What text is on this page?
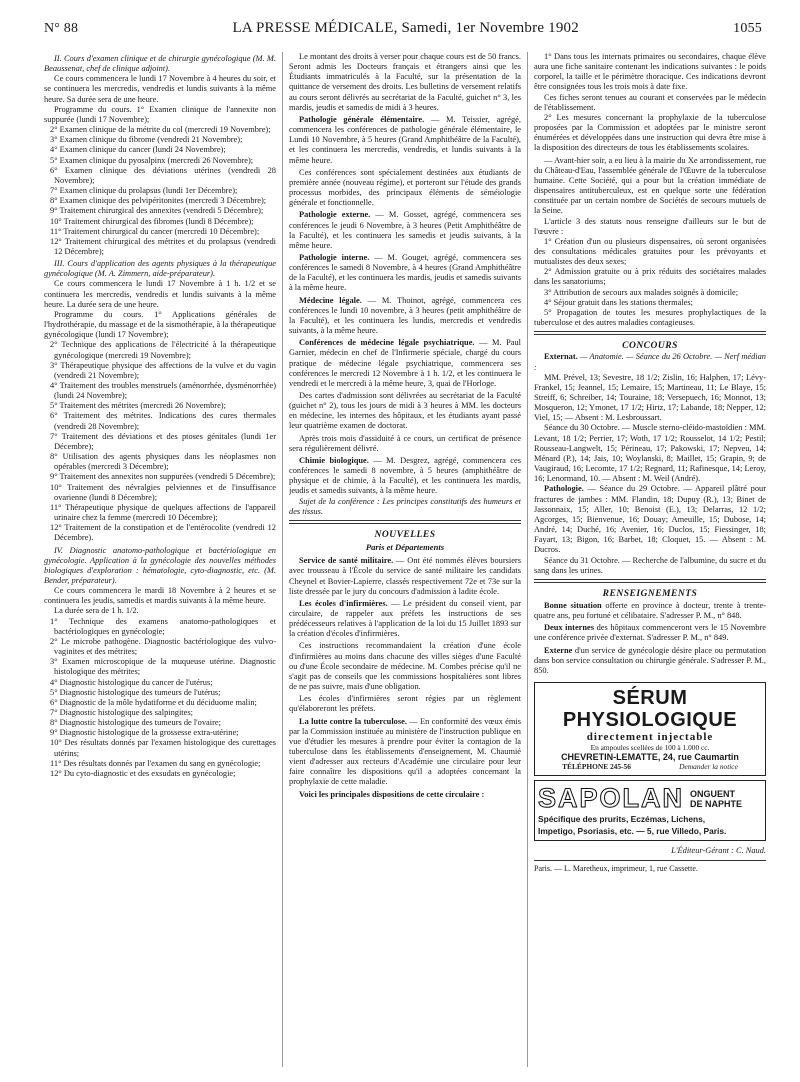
N° 88	LA PRESSE MÉDICALE, Samedi, 1er Novembre 1902	1055

II. Cours d'examen clinique et de chirurgie gynécologique (M. M. Beaussenat, chef de clinique adjoint).

Ce cours commencera le lundi 17 Novembre à 4 heures du soir, et se continuera les mercredis, vendredis et lundis suivants à la même heure. Sa durée sera de une heure.

Programme du cours. 1° Examen clinique de l'annexite non suppurée (lundi 17 Novembre);

2° Examen clinique de la métrite du col (mercredi 19 Novembre);

3° Examen clinique du fibrome (vendredi 21 Novembre);

4° Examen clinique du cancer (lundi 24 Novembre);

5° Examen clinique du pyosalpinx (mercredi 26 Novembre);

6° Examen clinique des déviations utérines (vendredi 28 Novembre);

7° Examen clinique du prolapsus (lundi 1er Décembre);

8° Examen clinique des pelvipéritonites (mercredi 3 Décembre);

9° Traitement chirurgical des annexites (vendredi 5 Décembre);

10° Traitement chirurgical des fibromes (lundi 8 Décembre);

11° Traitement chirurgical du cancer (mercredi 10 Décembre);

12° Traitement chirurgical des métrites et du prolapsus (vendredi 12 Décembre);

III. Cours d'application des agents physiques à la thérapeutique gynécologique (M. A. Zimmern, aide-préparateur).

Ce cours commencera le lundi 17 Novembre à 1 h. 1/2 et se continuera les mercredis, vendredis et lundis suivants à la même heure. La durée sera de une heure.

Programme du cours. 1° Applications générales de l'hydrothérapie, du massage et de la sismothérapie, à la thérapeutique gynécologique (lundi 17 Novembre);

2° Technique des applications de l'électricité à la thérapeutique gynécologique (mercredi 19 Novembre);

3° Thérapeutique physique des affections de la vulve et du vagin (vendredi 21 Novembre);

4° Traitement des troubles menstruels (aménorrhée, dysménorrhée) (lundi 24 Novembre);

5° Traitement des métrites (mercredi 26 Novembre);

6° Traitement des métrites. Indications des cures thermales (vendredi 28 Novembre);

7° Traitement des déviations et des ptoses génitales (lundi 1er Décembre);

8° Utilisation des agents physiques dans les néoplasmes non opérables (mercredi 3 Décembre);

9° Traitement des annexites non suppurées (vendredi 5 Décembre);

10° Traitement des névralgies pelviennes et de l'insuffisance ovarienne (lundi 8 Décembre);

11° Thérapeutique physique de quelques affections de l'appareil urinaire chez la femme (mercredi 10 Décembre);

12° Traitement de la constipation et de l'entérocolite (vendredi 12 Décembre).

IV. Diagnostic anatomo-pathologique et bactériologique en gynécologie. Application à la gynécologie des nouvelles méthodes biologiques d'exploration : hématologie, cyto-diagnostic, etc. (M. Bender, préparateur).

Ce cours commencera le mardi 18 Novembre à 2 heures et se continuera les jeudis, samedis et mardis suivants à la même heure.

La durée sera de 1 h. 1/2.

1° Technique des examens anatomo-pathologiques et bactériologiques en gynécologie;

2° Le microbe pathogène. Diagnostic bactériologique des vulvo-vaginites et des métrites;

3° Examen microscopique de la muqueuse utérine. Diagnostic histologique des métrites;

4° Diagnostic histologique du cancer de l'utérus;

5° Diagnostic histologique des tumeurs de l'utérus;

6° Diagnostic de la môle hydatiforme et du déciduome malin;

7° Diagnostic histologique des salpingites;

8° Diagnostic histologique des tumeurs de l'ovaire;

9° Diagnostic histologique de la grossesse extra-utérine;

10° Des résultats donnés par l'examen histologique des curettages utérins;

11° Des résultats donnés par l'examen du sang en gynécologie;

12° Du cyto-diagnostic et des exsudats en gynécologie;

Le montant des droits à verser pour chaque cours est de 50 francs. Seront admis les Docteurs français et étrangers ainsi que les Étudiants immatriculés à la Faculté, sur la présentation de la quittance de versement des droits. Les bulletins de versement relatifs au cours seront délivrés au secrétariat de la Faculté, guichet n° 3, les mardis, jeudis et samedis de midi à 3 heures.

Pathologie générale élémentaire. — M. Teissier, agrégé, commencera les conférences de pathologie générale élémentaire, le Lundi 10 Novembre, à 5 heures (Grand Amphithéâtre de la Faculté), et les continuera les mercredis, vendredis, et lundis suivants à la même heure.

Ces conférences sont spécialement destinées aux étudiants de première année (nouveau régime), et porteront sur l'étude des grands processus morbides, des principaux éléments de séméiologie générale et fonctionnelle.

Pathologie externe. — M. Gosset, agrégé, commencera ses conférences le jeudi 6 Novembre, à 3 heures (Petit Amphithéâtre de la Faculté), et les continuera les samedis et jeudis suivants, à la même heure.

Pathologie interne. — M. Gouget, agrégé, commencera ses conférences le samedi 8 Novembre, à 4 heures (Grand Amphithéâtre de la Faculté), et les continuera les mardis, jeudis et samedis suivants à la même heure.

Médecine légale. — M. Thoinot, agrégé, commencera ces conférences le lundi 10 novembre, à 3 heures (petit amphithéâtre de la Faculté), et les continuera les lundis, mercredis et vendredis suivants, à la même heure.

Conférences de médecine légale psychiatrique. — M. Paul Garnier, médecin en chef de l'Infirmerie spéciale, chargé du cours pratique de médecine légale psychiatrique, commencera ses conférences le mercredi 12 Novembre à 1 h. 1/2, et les continuera le vendredi et le mercredi à la même heure, 3, quai de l'Horloge.

Des cartes d'admission sont délivrées au secrétariat de la Faculté (guichet n° 2), tous les jours de midi à 3 heures à MM. les docteurs en médecine, les internes des hôpitaux, et les étudiants ayant passé leur quatrième examen de doctorat.

Après trois mois d'assiduité à ce cours, un certificat de présence sera régulièrement délivré.

Chimie biologique. — M. Desgrez, agrégé, commencera ces conférences le samedi 8 novembre, à 5 heures (amphithéâtre de physique et de chimie, à la Faculté), et les continuera les mardis, jeudis et samedis suivants, à la même heure.

Sujet de la conférence : Les principes constitutifs des humeurs et des tissus.

NOUVELLES
Paris et Départements

Service de santé militaire. — Ont été nommés élèves boursiers avec trousseau à l'École du service de santé militaire les candidats Cheynel et Bovier-Lapierre, classés respectivement 72e et 73e sur la liste dressée par le jury du concours d'admission à ladite école.

Les écoles d'infirmières. — Le président du conseil vient, par circulaire, de rappeler aux préfets les instructions de ses prédécesseurs relatives à l'application de la loi du 15 Juillet 1893 sur la création d'écoles d'infirmières.

Ces instructions recommandaient la création d'une école d'infirmières au moins dans chacune des villes sièges d'une Faculté ou d'une École secondaire de médecine. M. Combes précise qu'il ne s'agit pas de conseils que les commissions hospitalières sont libres de ne pas suivre, mais d'une obligation.

Les écoles d'infirmières seront régies par un règlement qu'élaboreront les préfets.

La lutte contre la tuberculose. — En conformité des vœux émis par la Commission instituée au ministère de l'instruction publique en vue d'étudier les mesures à prendre pour éviter la contagion de la tuberculose dans les établissements d'enseignement, M. Chaumié vient d'adresser aux recteurs d'Académie une circulaire pour leur faire connaître les dispositions qu'il a adoptées concernant la prophylaxie de cette maladie.

Voici les principales dispositions de cette circulaire :

1° Dans tous les internats primaires ou secondaires, chaque élève aura une fiche sanitaire contenant les indications suivantes : le poids corporel, la taille et le périmètre thoracique. Ces indications devront être consignées tous les trois mois à date fixe.

Ces fiches seront tenues au courant et conservées par le médecin de l'établissement.

2° Les mesures concernant la prophylaxie de la tuberculose proposées par la Commission et adoptées par le ministre seront énumérées et développées dans une instruction qui devra être mise à la disposition des directeurs de tous les établissements scolaires.

— Avant-hier soir, a eu lieu à la mairie du Xe arrondissement, rue du Château-d'Eau, l'assemblée générale de l'Œuvre de la tuberculose humaine. Cette Société, qui a pour but la création immédiate de dispensaires antituberculeux, est en quelque sorte une fédération constituée par un certain nombre de Sociétés de secours mutuels de la Seine.

L'article 3 des statuts nous renseigne d'ailleurs sur le but de l'œuvre :

1° Création d'un ou plusieurs dispensaires, où seront organisées des consultations médicales gratuites pour les prévoyants et mutualistes des deux sexes;

2° Admission gratuite ou à prix réduits des sociétaires malades dans les sanatoriums;

3° Attribution de secours aux malades soignés à domicile;

4° Séjour gratuit dans les stations thermales;

5° Propagation de toutes les mesures prophylactiques de la tuberculose et des autres maladies contagieuses.

CONCOURS

Externat. — Anatomie. — Séance du 26 Octobre. — Nerf médian :

MM. Prével, 13; Sevestre, 18 1/2; Zislin, 16; Halphen, 17; Lévy-Frankel, 15; Jeannel, 15; Lemaire, 15; Martineau, 11; Le Blaye, 15; Streiff, 6; Schreiber, 14; Touraine, 18; Versepuech, 16; Monnot, 13; Mosqueron, 12; Ymonet, 17 1/2; Hirtz, 17; Labande, 18; Nepper, 12; Viel, 15; — Absent : M. Lesbroussart.

Séance du 30 Octobre. — Muscle sterno-cléido-mastoïdien : MM. Levant, 18 1/2; Perrier, 17; Woth, 17 1/2; Rousselot, 14 1/2; Pestil; Rousseau-Langwelt, 15; Périneau, 17; Pakowski, 17; Nepveu, 14; Ménard (P.), 14; Jais, 10; Woylanski, 8; Maillet, 15; Grapin, 9; de Vaugiraud, 16; Lecomte, 17 1/2; Regnard, 11; Rafinesque, 14; Leroy, 16; Lenormand, 10. — Absent : M. Weil (André).

Pathologie. — Séance du 29 Octobre. — Appareil plâtré pour fractures de jambes : MM. Flandin, 18; Dupuy (R.), 13; Binet de Jassonnaix, 15; Aller, 10; Benoist (E.), 13; Delarras, 12 1/2; Agcorges, 15; Bienvenue, 16; Douay; Ameuille, 15; Dubose, 14; André, 14; Duché, 16; Avenier, 16; Duclos, 15; Fiessinger, 18; Fayart, 13; Bigon, 16; Barbet, 18; Cloquet, 15. — Absent : M. Ducros.

Séance du 31 Octobre. — Recherche de l'albumine, du sucre et du sang dans les urines.

RENSEIGNEMENTS

Bonne situation offerte en province à docteur, trente à trente-quatre ans, peu fortuné et célibataire. S'adresser P. M., n° 848.

Deux internes des hôpitaux commenceront vers le 15 Novembre une conférence privée d'externat. S'adresser P. M., n° 849.

Externe d'un service de gynécologie désire place ou permutation dans bon service consultation ou chirurgie générale. S'adresser P. M., 850.

SÉRUM PHYSIOLOGIQUE
directement injectable
En ampoules scellées de 100 à 1.000 cc.
CHEVRETIN-LEMATTE, 24, rue Caumartin
TÉLÉPHONE 245-56	Demander la notice
SAPOLAN ONGUENT
DE NAPHTE
Spécifique des prurits, Eczémas, Lichens,
Impetigo, Psoriasis, etc. — 5, rue Villedo, Paris.
L'Éditeur-Gérant : C. Naud.
Paris. — L. Maretheux, imprimeur, 1, rue Cassette.
